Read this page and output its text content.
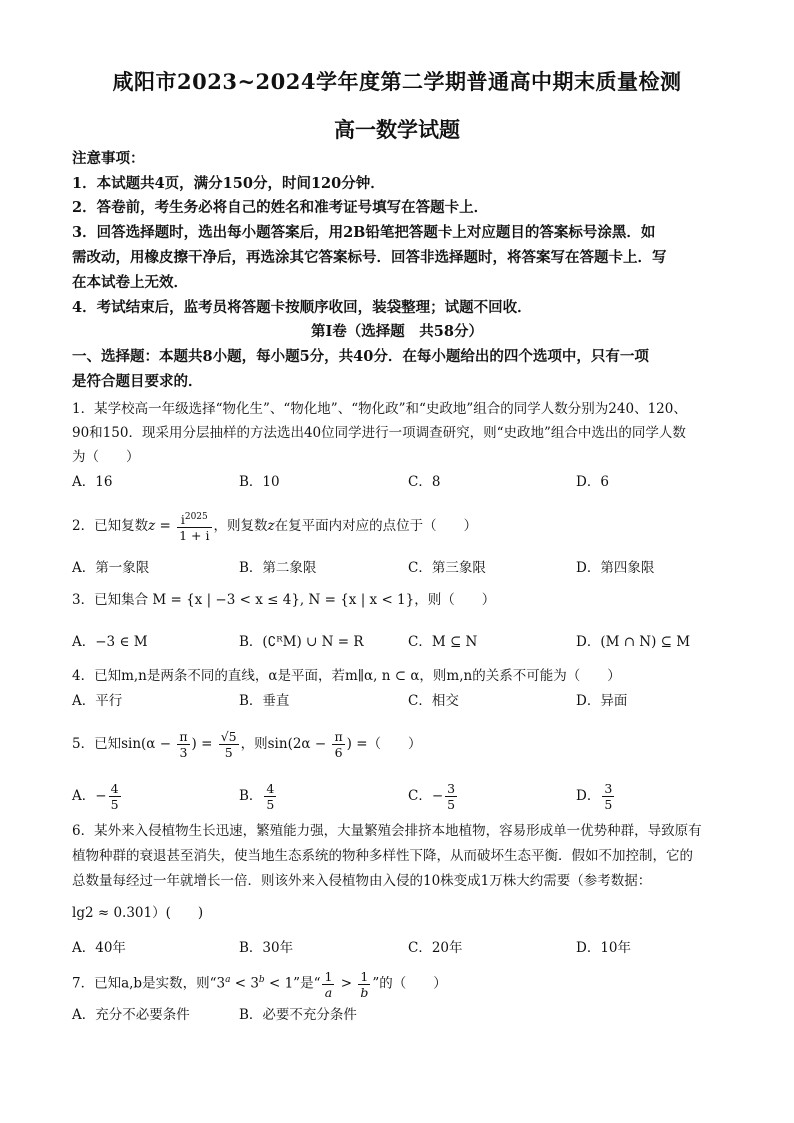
咸阳市2023~2024学年度第二学期普通高中期末质量检测
高一数学试题
注意事项：
1．本试题共4页，满分150分，时间120分钟．
2．答卷前，考生务必将自己的姓名和准考证号填写在答题卡上．
3．回答选择题时，选出每小题答案后，用2B铅笔把答题卡上对应题目的答案标号涂黑．如
需改动，用橡皮擦干净后，再选涂其它答案标号．回答非选择题时，将答案写在答题卡上．写
在本试卷上无效．
4．考试结束后，监考员将答题卡按顺序收回，装袋整理；试题不回收．
第Ⅰ卷（选择题　共58分）
一、选择题：本题共8小题，每小题5分，共40分．在每小题给出的四个选项中，只有一项
是符合题目要求的．
1．某学校高一年级选择“物化生”、“物化地”、“物化政”和“史政地”组合的同学人数分别为240、120、
90和150．现采用分层抽样的方法选出40位同学进行一项调查研究，则“史政地”组合中选出的同学人数
为（　　）
A．16	B．10	C．8	D．6
2．已知复数$z = \frac{i^{2025}}{1 + i}$ ，则复数z在复平面内对应的点位于（　　）
A．第一象限	B．第二象限	C．第三象限	D．第四象限
3．已知集合 M = {x | −3 < x ≤ 4}, N = {x | x < 1}，则（　　）
A．−3 ∈ M	B．(∁ᴿM) ∪ N = R	C．M ⊆ N	D．(M ∩ N) ⊆ M
4．已知m,n是两条不同的直线，α是平面，若m∥α, n ⊂ α，则m,n的关系不可能为（　　）
A．平行	B．垂直	C．相交	D．异面
5．已知$\sin(\alpha - \frac{\pi}{3}$ ) = $\frac{√5}{5}$ ，则$\sin(2\alpha - \frac{\pi}{6}$ ) =（　　）
A．− $\frac{4}{5}$	B． $\frac{4}{5}$	C．− $\frac{3}{5}$	D． $\frac{3}{5}$
6．某外来入侵植物生长迅速，繁殖能力强，大量繁殖会排挤本地植物，容易形成单一优势种群，导致原有
植物种群的衰退甚至消失，使当地生态系统的物种多样性下降，从而破坏生态平衡．假如不加控制，它的
总数量每经过一年就增长一倍．则该外来入侵植物由入侵的10株变成1万株大约需要（参考数据：
lg2 ≈ 0.301）(　　)
A．40年	B．30年	C．20年	D．10年
7．已知a,b是实数，则“$3^a < 3^b < 1$”是“ $\frac{1}{a} > \frac{1}{b}$ ”的（　　）
A．充分不必要条件	B．必要不充分条件
